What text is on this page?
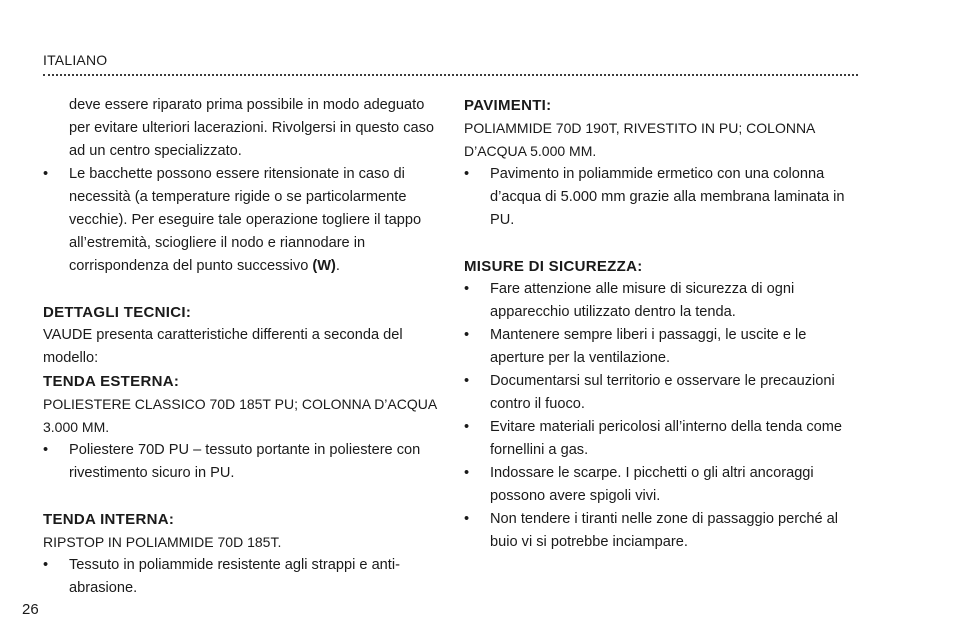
ITALIANO

deve essere riparato prima possibile in modo adeguato per evitare ulteriori lacerazioni. Rivolgersi in questo caso ad un centro specializzato.

•	Le bacchette possono essere ritensionate in caso di necessità (a temperature rigide o se particolarmente vecchie). Per eseguire tale operazione togliere il tappo all’estremità, sciogliere il nodo e riannodare in corrispondenza del punto successivo (W).

DETTAGLI TECNICI:

VAUDE presenta caratteristiche differenti a seconda del modello:

TENDA ESTERNA:

POLIESTERE CLASSICO 70D 185T PU; COLONNA D’ACQUA 3.000 MM.

•	Poliestere 70D PU – tessuto portante in poliestere con rivestimento sicuro in PU.

TENDA INTERNA:

RIPSTOP IN POLIAMMIDE 70D 185T.

•	Tessuto in poliammide resistente agli strappi e anti-abrasione.

PAVIMENTI:

POLIAMMIDE 70D 190T, RIVESTITO IN PU; COLONNA D’ACQUA 5.000 MM.

•	Pavimento in poliammide ermetico con una colonna d’acqua di 5.000 mm grazie alla membrana laminata in PU.

MISURE DI SICUREZZA:

•	Fare attenzione alle misure di sicurezza di ogni apparecchio utilizzato dentro la tenda.

•	Mantenere sempre liberi i passaggi, le uscite e le aperture per la ventilazione.

•	Documentarsi sul territorio e osservare le precauzioni contro il fuoco.

•	Evitare materiali pericolosi all’interno della tenda come fornellini a gas.

•	Indossare le scarpe. I picchetti o gli altri ancoraggi possono avere spigoli vivi.

•	Non tendere i tiranti nelle zone di passaggio perché al buio vi si potrebbe inciampare.

26
